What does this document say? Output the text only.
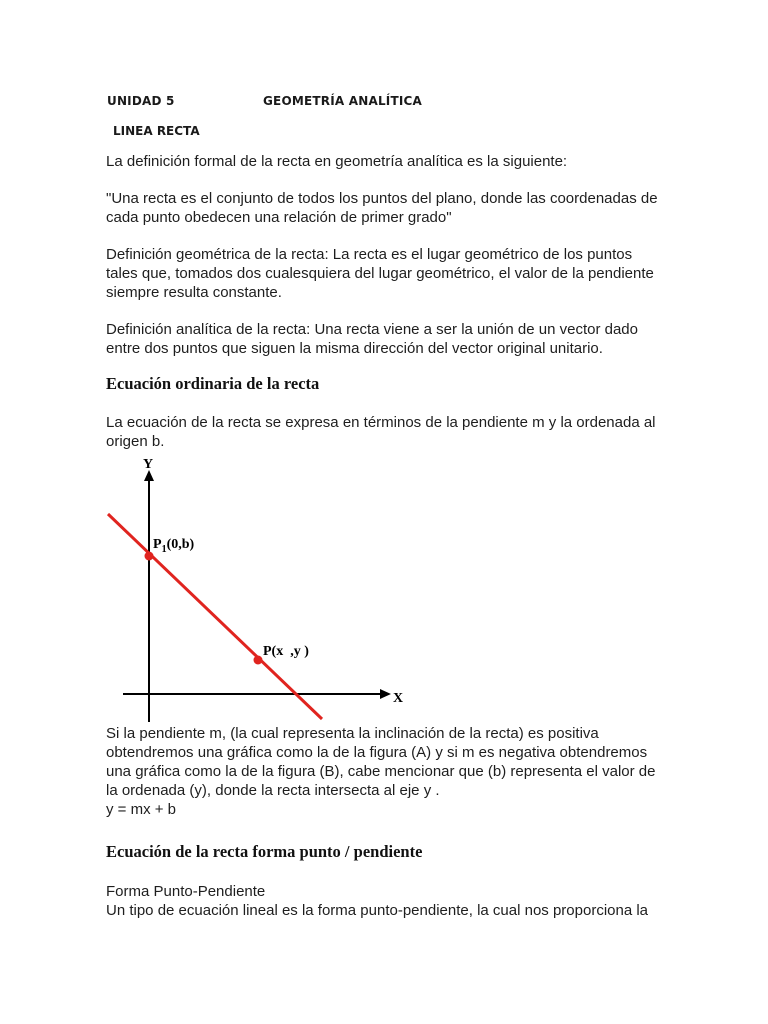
UNIDAD 5	GEOMETRÍA ANALÍTICA
LINEA RECTA
La definición formal de la recta en geometría analítica es la siguiente:
"Una recta es el conjunto de todos los puntos del plano, donde las coordenadas de cada punto obedecen una relación de primer grado"
Definición geométrica de la recta: La recta es el lugar geométrico de los puntos tales que, tomados dos cualesquiera del lugar geométrico, el valor de la pendiente siempre resulta constante.
Definición analítica de la recta: Una recta viene a ser la unión de un vector dado entre dos puntos que siguen la misma dirección del vector original unitario.
Ecuación ordinaria de la recta
La ecuación de la recta se expresa en términos de la pendiente m y la ordenada al origen b.
Y
X
$P_1(0,b)$
P(x  ,y )
Si la pendiente m, (la cual representa la inclinación de la recta) es positiva obtendremos una gráfica como la de la figura (A) y si m es negativa obtendremos una gráfica como la de la figura (B), cabe mencionar que (b) representa el valor de la ordenada (y), donde la recta intersecta al eje y .
y = mx + b
Ecuación de la recta forma punto / pendiente
Forma Punto-Pendiente
Un tipo de ecuación lineal es la forma punto-pendiente, la cual nos proporciona la
